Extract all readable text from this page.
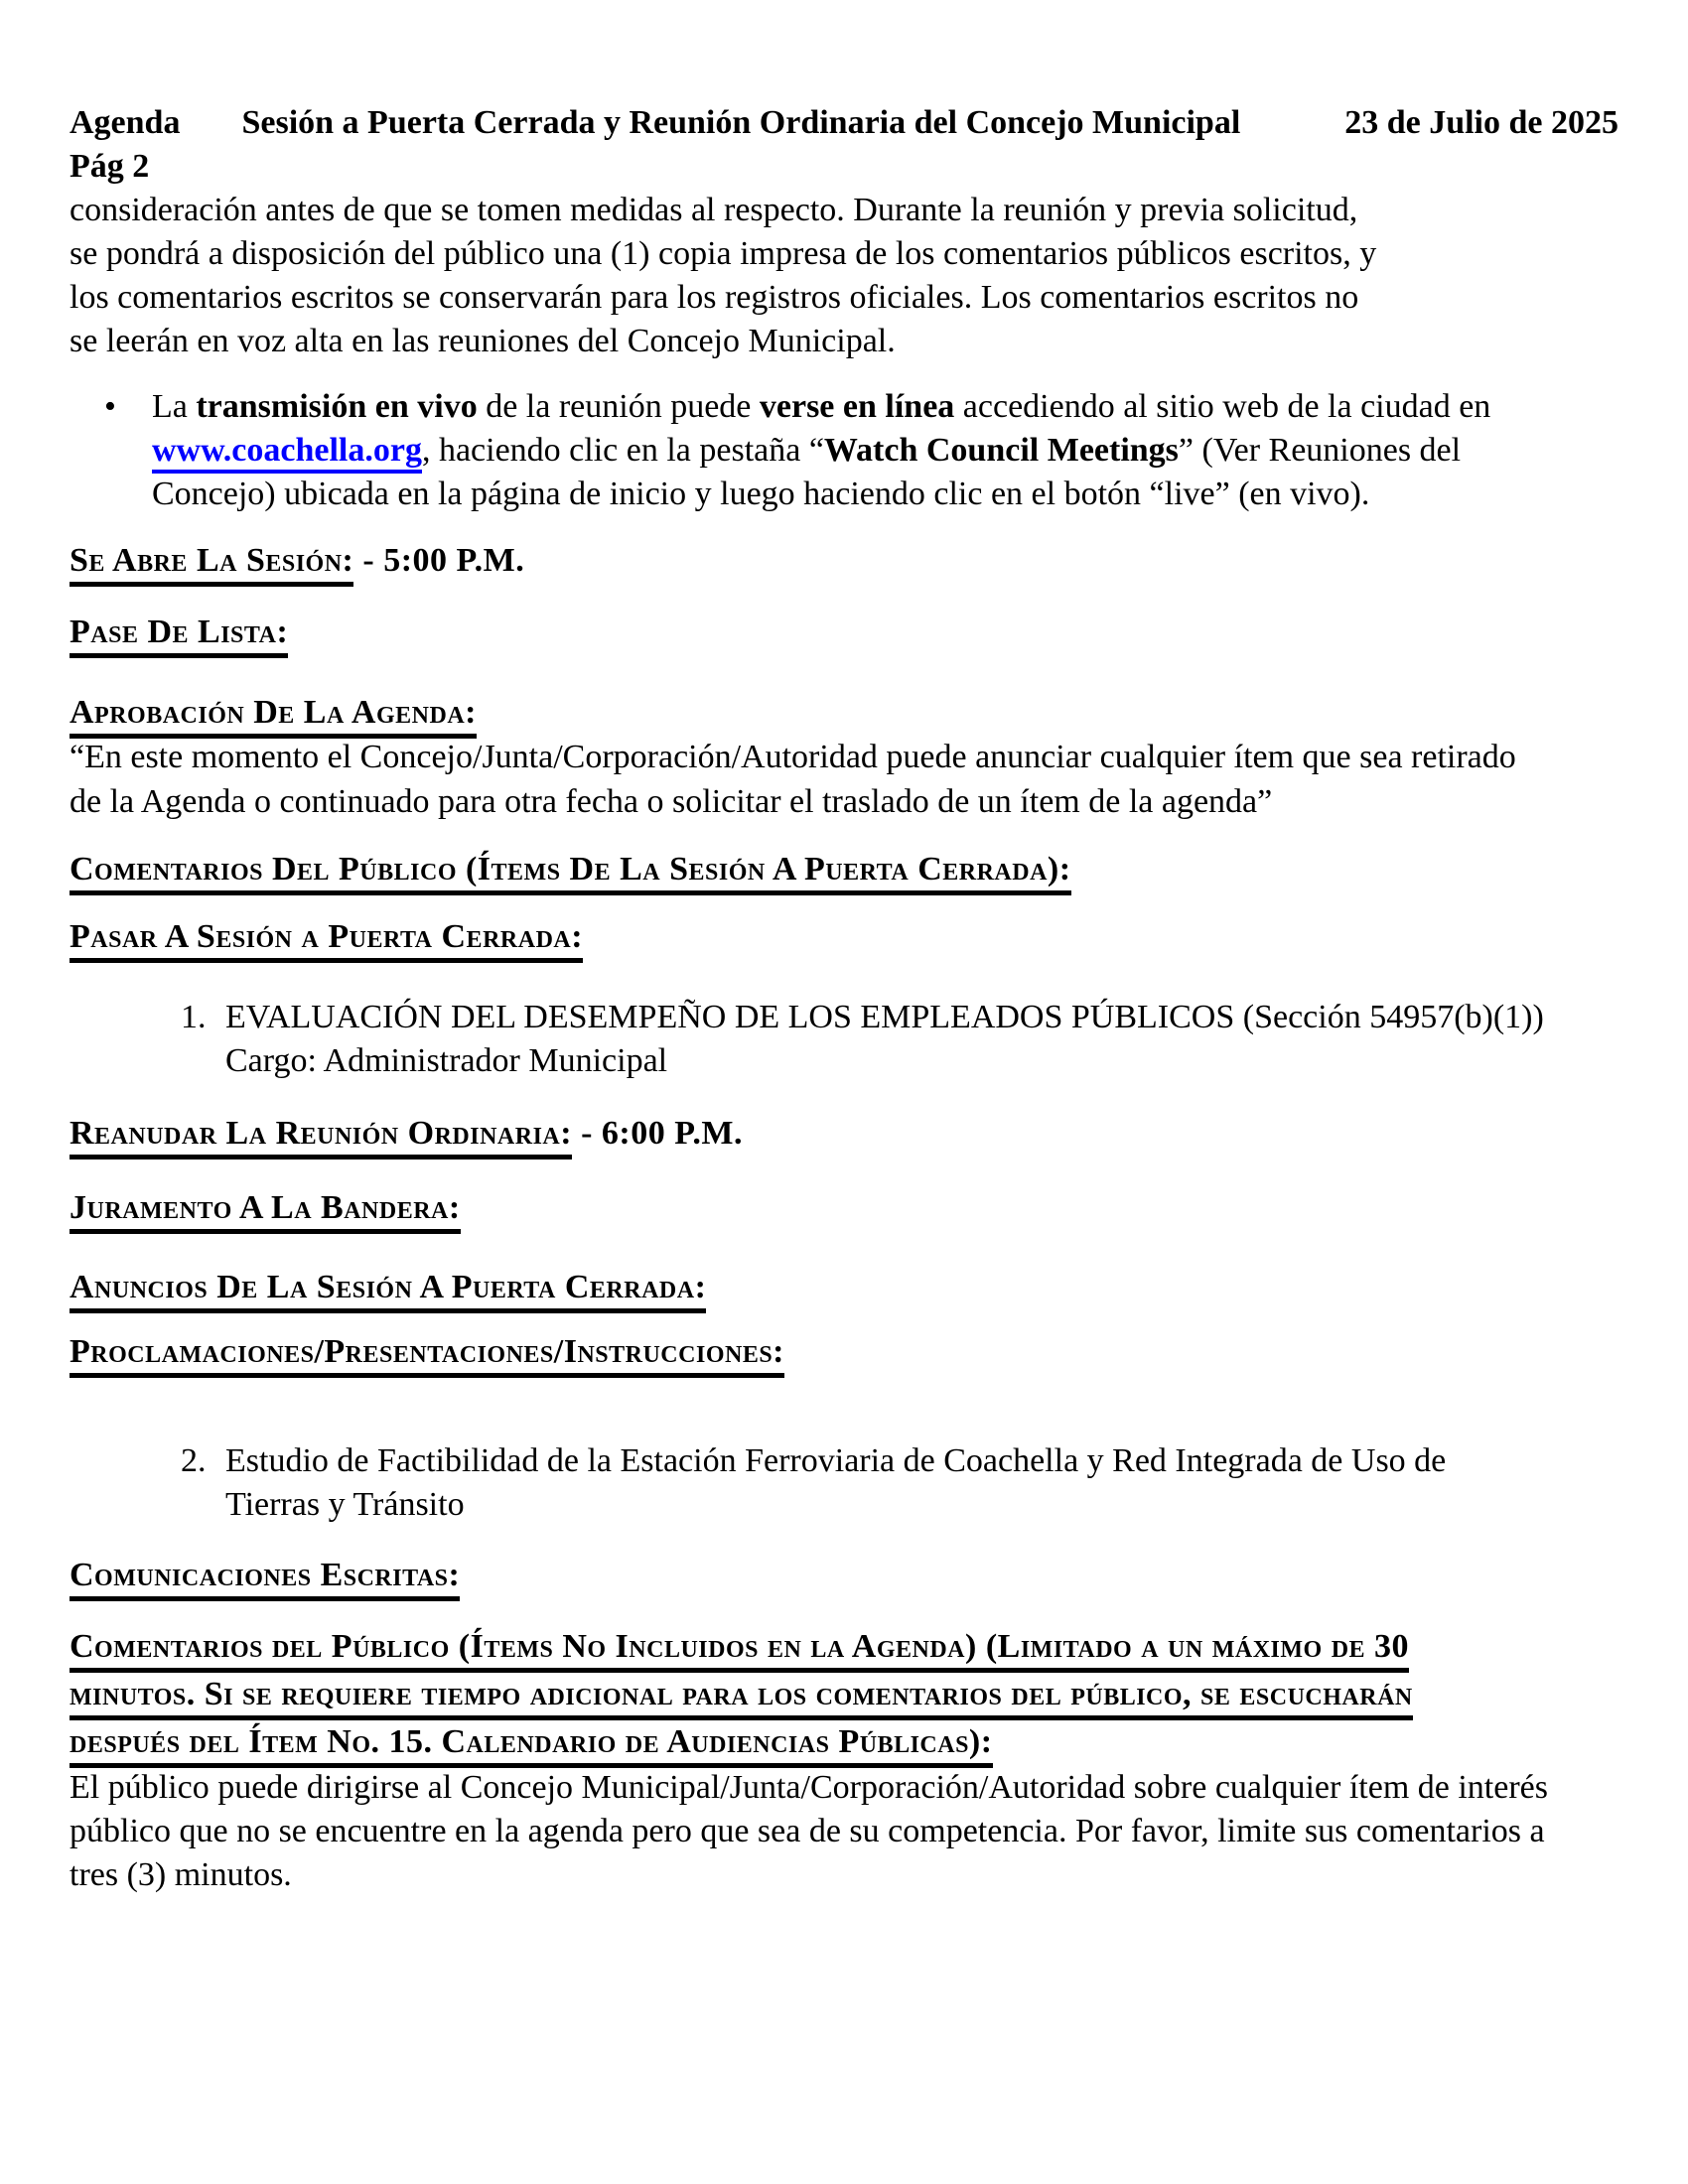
Agenda Sesión a Puerta Cerrada y Reunión Ordinaria del Concejo Municipal	23 de Julio de 2025
Pág 2

consideración antes de que se tomen medidas al respecto. Durante la reunión y previa solicitud, se pondrá a disposición del público una (1) copia impresa de los comentarios públicos escritos, y los comentarios escritos se conservarán para los registros oficiales. Los comentarios escritos no se leerán en voz alta en las reuniones del Concejo Municipal.

•	La transmisión en vivo de la reunión puede verse en línea accediendo al sitio web de la ciudad en www.coachella.org, haciendo clic en la pestaña “Watch Council Meetings” (Ver Reuniones del Concejo) ubicada en la página de inicio y luego haciendo clic en el botón “live” (en vivo).
Se Abre La Sesión: - 5:00 P.M.
Pase De Lista:
Aprobación De La Agenda:

“En este momento el Concejo/Junta/Corporación/Autoridad puede anunciar cualquier ítem que sea retirado de la Agenda o continuado para otra fecha o solicitar el traslado de un ítem de la agenda”

Comentarios Del Público (Ítems De La Sesión A Puerta Cerrada):
Pasar A Sesión a Puerta Cerrada:
1. EVALUACIÓN DEL DESEMPEÑO DE LOS EMPLEADOS PÚBLICOS (Sección 54957(b)(1))
Cargo: Administrador Municipal
Reanudar La Reunión Ordinaria: - 6:00 P.M.
Juramento A La Bandera:
Anuncios De La Sesión A Puerta Cerrada:
Proclamaciones/Presentaciones/Instrucciones:
2. Estudio de Factibilidad de la Estación Ferroviaria de Coachella y Red Integrada de Uso de Tierras y Tránsito
Comunicaciones Escritas:
Comentarios del Público (Ítems No Incluidos en la Agenda) (Limitado a un máximo de 30
minutos. Si se requiere tiempo adicional para los comentarios del público, se escucharán
después del Ítem No. 15. Calendario de Audiencias Públicas):

El público puede dirigirse al Concejo Municipal/Junta/Corporación/Autoridad sobre cualquier ítem de interés público que no se encuentre en la agenda pero que sea de su competencia. Por favor, limite sus comentarios a tres (3) minutos.
